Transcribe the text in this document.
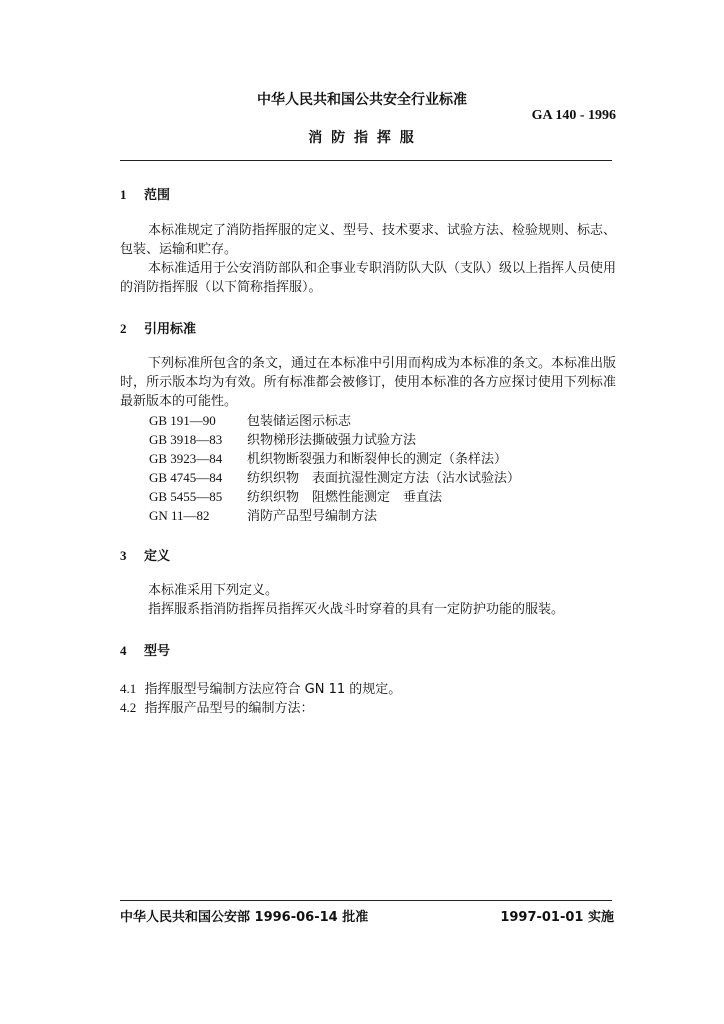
中华人民共和国公共安全行业标准
GA 140 - 1996
消 防 指 挥 服
1 范围
本标准规定了消防指挥服的定义、型号、技术要求、试验方法、检验规则、标志、包装、运输和贮存。
本标准适用于公安消防部队和企事业专职消防队大队（支队）级以上指挥人员使用的消防指挥服（以下简称指挥服）。
2 引用标准
下列标准所包含的条文，通过在本标准中引用而构成为本标准的条文。本标准出版时，所示版本均为有效。所有标准都会被修订，使用本标准的各方应探讨使用下列标准最新版本的可能性。
GB 191—90 包装储运图示标志
GB 3918—83 织物梯形法撕破强力试验方法
GB 3923—84 机织物断裂强力和断裂伸长的测定（条样法）
GB 4745—84 纺织织物　表面抗湿性测定方法（沾水试验法）
GB 5455—85 纺织织物　阻燃性能测定　垂直法
GN 11—82	消防产品型号编制方法
3 定义
本标准采用下列定义。
指挥服系指消防指挥员指挥灭火战斗时穿着的具有一定防护功能的服装。
4 型号
4.1 指挥服型号编制方法应符合 GN 11 的规定。
4.2 指挥服产品型号的编制方法：
中华人民共和国公安部 1996-06-14 批准	1997-01-01 实施
